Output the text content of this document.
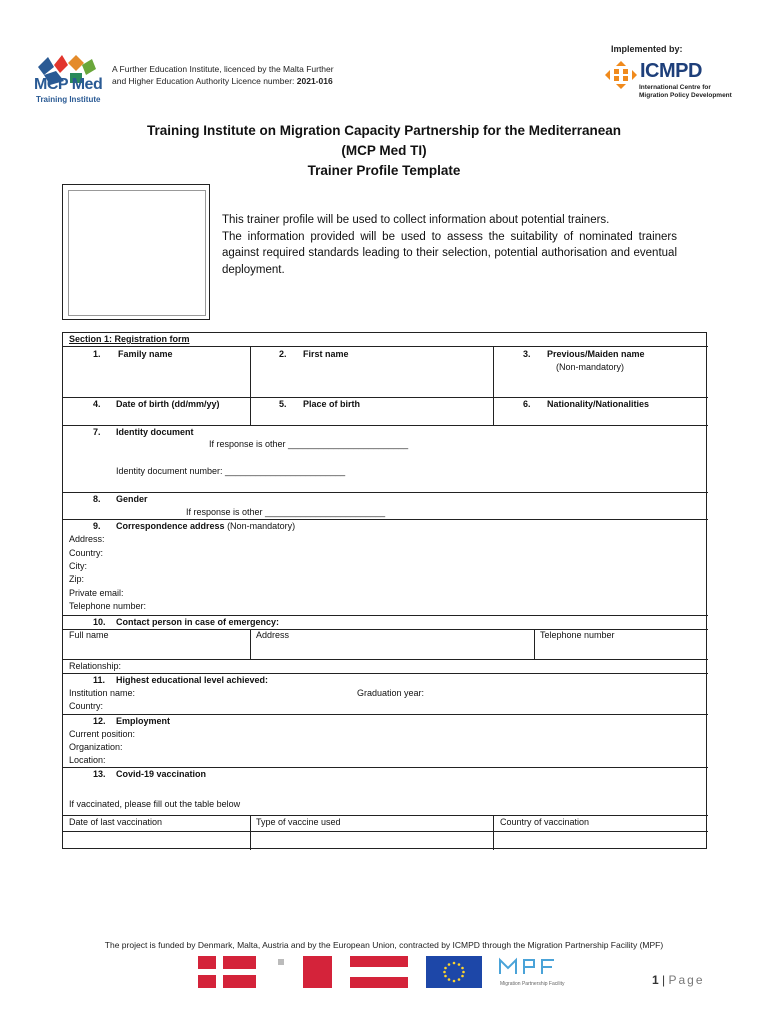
MCP Med
Training Institute
A Further Education Institute, licenced by the Malta Further
and Higher Education Authority Licence number: 2021-016
Implemented by:
ICMPD
International Centre for
Migration Policy Development
Training Institute on Migration Capacity Partnership for the Mediterranean
(MCP Med TI)
Trainer Profile Template
This trainer profile will be used to collect information about potential trainers.
The information provided will be used to assess the suitability of nominated trainers against required standards leading to their selection, potential authorisation and eventual deployment.
Section 1: Registration form
1. Family name	2. First name	3. Previous/Maiden name
(Non-mandatory)
4. Date of birth (dd/mm/yy)	5. Place of birth	6. Nationality/Nationalities
7. Identity document
If response is other ________________________
Identity document number: ________________________
8. Gender
If response is other ________________________
9. Correspondence address (Non-mandatory)
Address:
Country:
City:
Zip:
Private email:
Telephone number:
10. Contact person in case of emergency:
Full name	Address	Telephone number
Relationship:
11. Highest educational level achieved:
Institution name:	Graduation year:
Country:
12. Employment
Current position:
Organization:
Location:
13. Covid-19 vaccination
If vaccinated, please fill out the table below
Date of last vaccination	Type of vaccine used	Country of vaccination
The project is funded by Denmark, Malta, Austria and by the European Union, contracted by ICMPD through the Migration Partnership Facility (MPF)
Migration Partnership Facility	1 | Page
